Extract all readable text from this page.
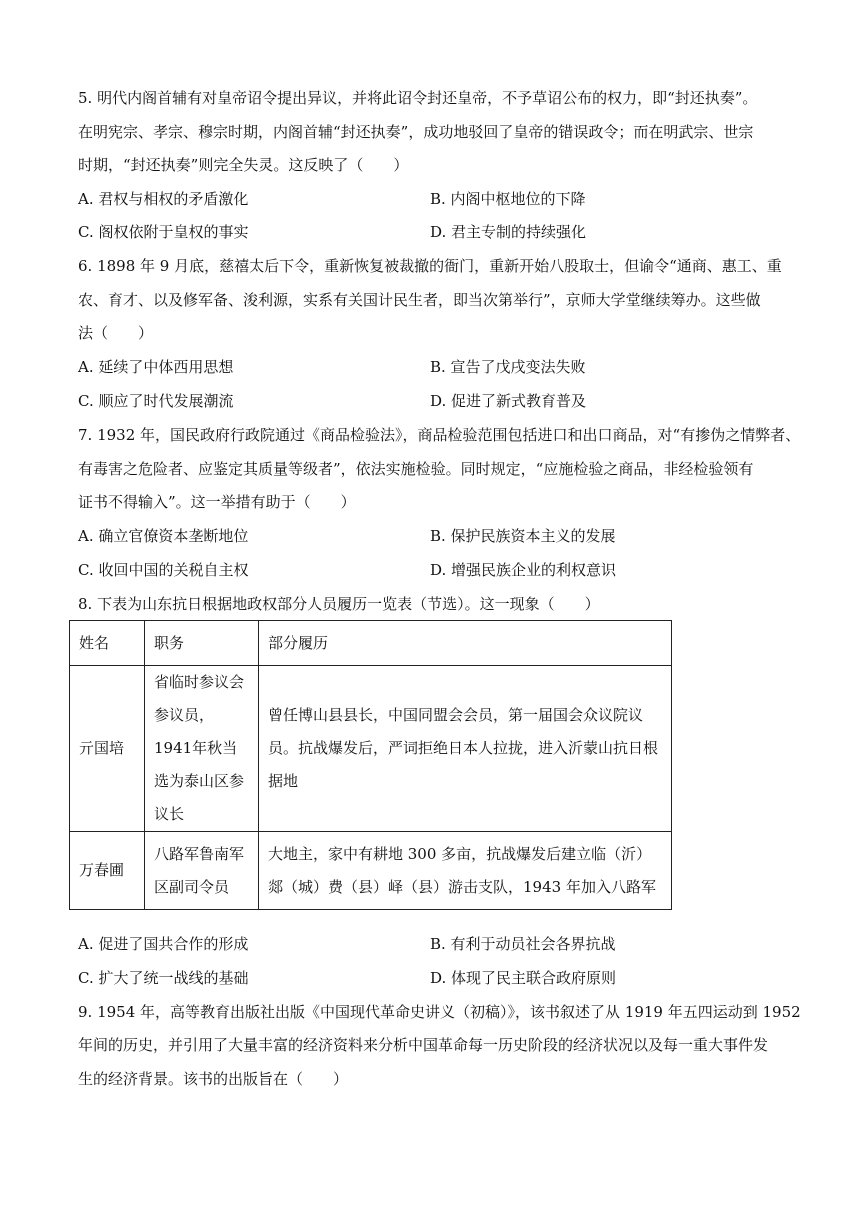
5. 明代内阁首辅有对皇帝诏令提出异议，并将此诏令封还皇帝，不予草诏公布的权力，即“封还执奏”。
在明宪宗、孝宗、穆宗时期，内阁首辅“封还执奏”，成功地驳回了皇帝的错误政令；而在明武宗、世宗
时期，“封还执奏”则完全失灵。这反映了（　　）
A. 君权与相权的矛盾激化	B. 内阁中枢地位的下降
C. 阁权依附于皇权的事实	D. 君主专制的持续强化
6. 1898 年 9 月底，慈禧太后下令，重新恢复被裁撤的衙门，重新开始八股取士，但谕令“通商、惠工、重
农、育才、以及修军备、浚利源，实系有关国计民生者，即当次第举行”，京师大学堂继续筹办。这些做
法（　　）
A. 延续了中体西用思想	B. 宣告了戊戌变法失败
C. 顺应了时代发展潮流	D. 促进了新式教育普及
7. 1932 年，国民政府行政院通过《商品检验法》，商品检验范围包括进口和出口商品，对“有掺伪之情弊者、
有毒害之危险者、应鉴定其质量等级者”，依法实施检验。同时规定，“应施检验之商品，非经检验领有
证书不得输入”。这一举措有助于（　　）
A. 确立官僚资本垄断地位	B. 保护民族资本主义的发展
C. 收回中国的关税自主权	D. 增强民族企业的利权意识
8. 下表为山东抗日根据地政权部分人员履历一览表（节选）。这一现象（　　）
姓名	职务	部分履历
亓国培	省临时参议会参议员，1941年秋当选为泰山区参议长	曾任博山县县长，中国同盟会会员，第一届国会众议院议员。抗战爆发后，严词拒绝日本人拉拢，进入沂蒙山抗日根据地
万春圃	八路军鲁南军区副司令员	大地主，家中有耕地 300 多亩，抗战爆发后建立临（沂）郯（城）费（县）峄（县）游击支队，1943 年加入八路军
A. 促进了国共合作的形成	B. 有利于动员社会各界抗战
C. 扩大了统一战线的基础	D. 体现了民主联合政府原则
9. 1954 年，高等教育出版社出版《中国现代革命史讲义（初稿）》，该书叙述了从 1919 年五四运动到 1952
年间的历史，并引用了大量丰富的经济资料来分析中国革命每一历史阶段的经济状况以及每一重大事件发
生的经济背景。该书的出版旨在（　　）
